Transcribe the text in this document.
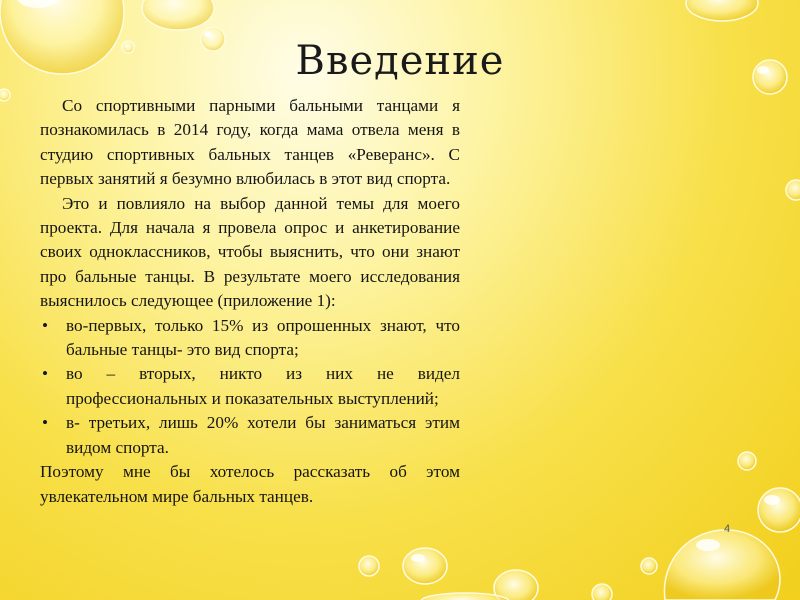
Введение

Со спортивными парными бальными танцами я познакомилась в 2014 году, когда мама отвела меня в студию спортивных бальных танцев «Реверанс». С первых занятий я безумно влюбилась в этот вид спорта.

Это и повлияло на выбор данной темы для моего проекта. Для начала я провела опрос и анкетирование своих одноклассников, чтобы выяснить, что они знают про бальные танцы. В результате моего исследования выяснилось следующее (приложение 1):

• во-первых, только 15% из опрошенных знают, что бальные танцы- это вид спорта;
• во – вторых, никто из них не видел профессиональных и показательных выступлений;
• в- третьих, лишь 20% хотели бы заниматься этим видом спорта.

Поэтому мне бы хотелось рассказать об этом увлекательном мире бальных танцев.

4
